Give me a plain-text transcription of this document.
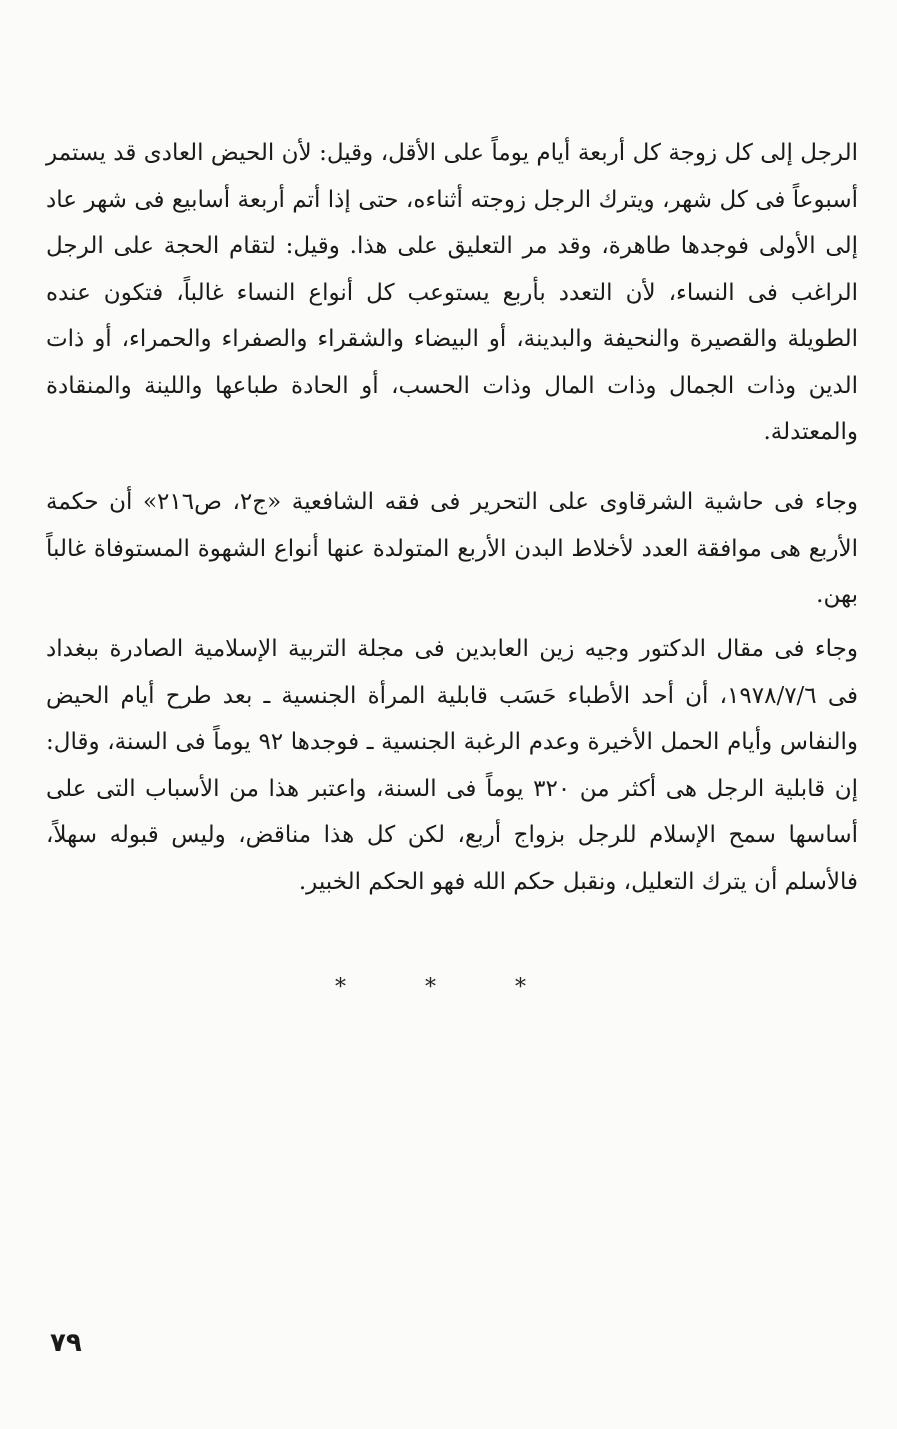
الرجل إلى كل زوجة كل أربعة أيام يوماً على الأقل، وقيل: لأن الحيض العادى قد يستمر أسبوعاً فى كل شهر، ويترك الرجل زوجته أثناءه، حتى إذا أتم أربعة أسابيع فى شهر عاد إلى الأولى فوجدها طاهرة، وقد مر التعليق على هذا. وقيل: لتقام الحجة على الرجل الراغب فى النساء، لأن التعدد بأربع يستوعب كل أنواع النساء غالباً، فتكون عنده الطويلة والقصيرة والنحيفة والبدينة، أو البيضاء والشقراء والصفراء والحمراء، أو ذات الدين وذات الجمال وذات المال وذات الحسب، أو الحادة طباعها واللينة والمنقادة والمعتدلة.

وجاء فى حاشية الشرقاوى على التحرير فى فقه الشافعية «ج٢، ص٢١٦» أن حكمة الأربع هى موافقة العدد لأخلاط البدن الأربع المتولدة عنها أنواع الشهوة المستوفاة غالباً بهن.

وجاء فى مقال الدكتور وجيه زين العابدين فى مجلة التربية الإسلامية الصادرة ببغداد فى ١٩٧٨/٧/٦، أن أحد الأطباء حَسَب قابلية المرأة الجنسية ـ بعد طرح أيام الحيض والنفاس وأيام الحمل الأخيرة وعدم الرغبة الجنسية ـ فوجدها ٩٢ يوماً فى السنة، وقال: إن قابلية الرجل هى أكثر من ٣٢٠ يوماً فى السنة، واعتبر هذا من الأسباب التى على أساسها سمح الإسلام للرجل بزواج أربع، لكن كل هذا مناقض، وليس قبوله سهلاً، فالأسلم أن يترك التعليل، ونقبل حكم الله فهو الحكم الخبير.

* * *
٧٩
